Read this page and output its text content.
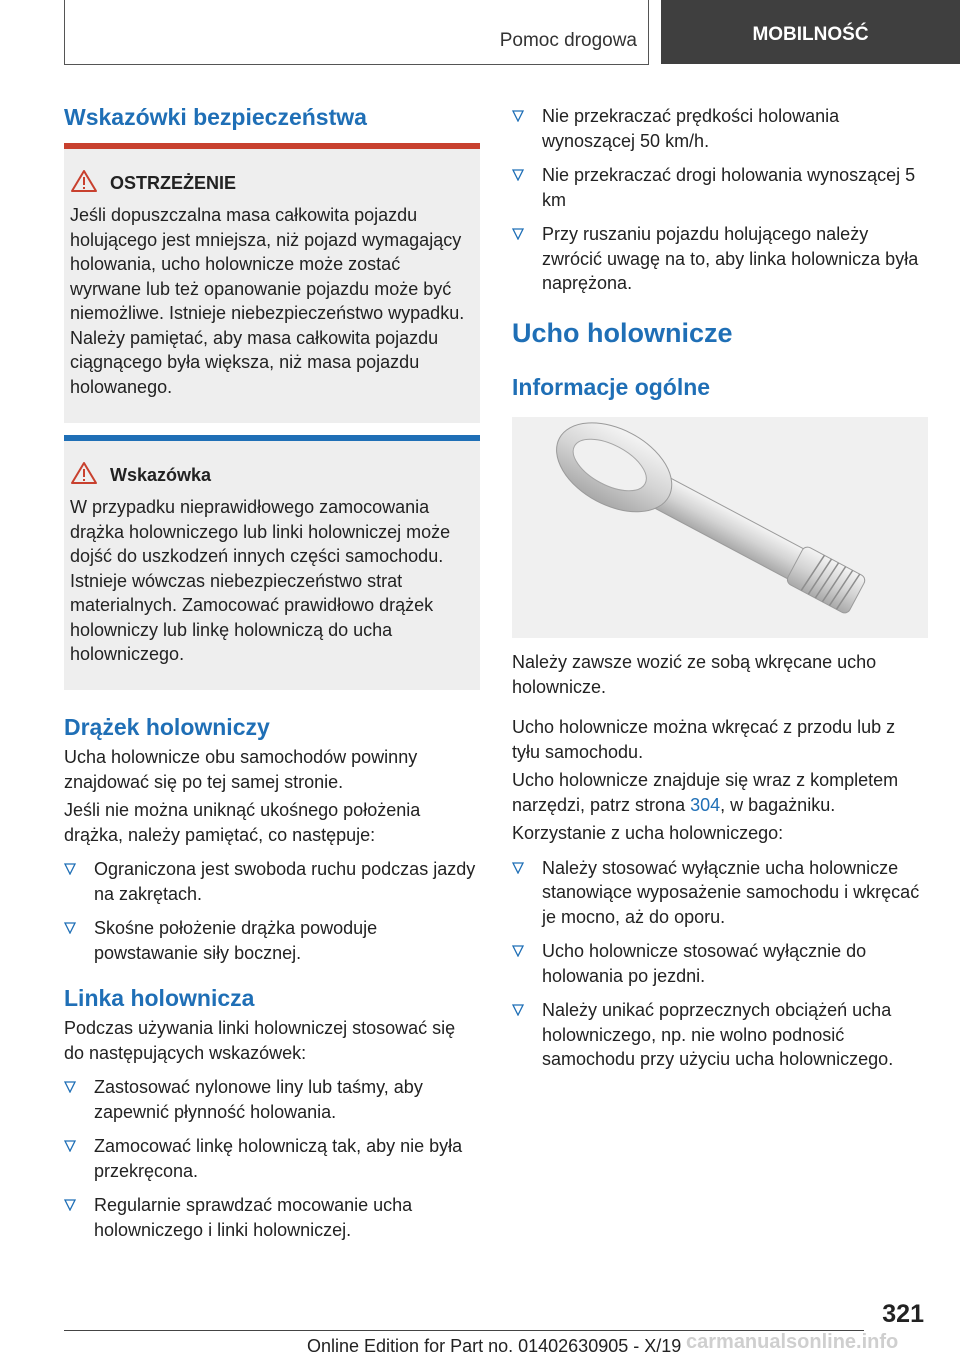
Pomoc drogowa	MOBILNOŚĆ
Wskazówki bezpieczeństwa
OSTRZEŻENIE
Jeśli dopuszczalna masa całkowita pojazdu holującego jest mniejsza, niż pojazd wymagający holowania, ucho holownicze może zostać wyrwane lub też opanowanie pojazdu może być niemożliwe. Istnieje niebezpieczeństwo wypadku. Należy pamiętać, aby masa całkowita pojazdu ciągnącego była większa, niż masa pojazdu holowanego.
Wskazówka
W przypadku nieprawidłowego zamocowania drążka holowniczego lub linki holowniczej może dojść do uszkodzeń innych części samochodu. Istnieje wówczas niebezpieczeństwo strat materialnych. Zamocować prawidłowo drążek holowniczy lub linkę holowniczą do ucha holowniczego.
Drążek holowniczy
Ucha holownicze obu samochodów powinny znajdować się po tej samej stronie.
Jeśli nie można uniknąć ukośnego położenia drążka, należy pamiętać, co następuje:
Ograniczona jest swoboda ruchu podczas jazdy na zakrętach.
Skośne położenie drążka powoduje powstawanie siły bocznej.
Linka holownicza
Podczas używania linki holowniczej stosować się do następujących wskazówek:
Zastosować nylonowe liny lub taśmy, aby zapewnić płynność holowania.
Zamocować linkę holowniczą tak, aby nie była przekręcona.
Regularnie sprawdzać mocowanie ucha holowniczego i linki holowniczej.
Nie przekraczać prędkości holowania wynoszącej 50 km/h.
Nie przekraczać drogi holowania wynoszącej 5 km
Przy ruszaniu pojazdu holującego należy zwrócić uwagę na to, aby linka holownicza była naprężona.
Ucho holownicze
Informacje ogólne
Należy zawsze wozić ze sobą wkręcane ucho holownicze.
Ucho holownicze można wkręcać z przodu lub z tyłu samochodu.
Ucho holownicze znajduje się wraz z kompletem narzędzi, patrz strona 304, w bagażniku.
Korzystanie z ucha holowniczego:
Należy stosować wyłącznie ucha holownicze stanowiące wyposażenie samochodu i wkręcać je mocno, aż do oporu.
Ucho holownicze stosować wyłącznie do holowania po jezdni.
Należy unikać poprzecznych obciążeń ucha holowniczego, np. nie wolno podnosić samochodu przy użyciu ucha holowniczego.
321
Online Edition for Part no. 01402630905 - X/19 carmanualsonline.info
